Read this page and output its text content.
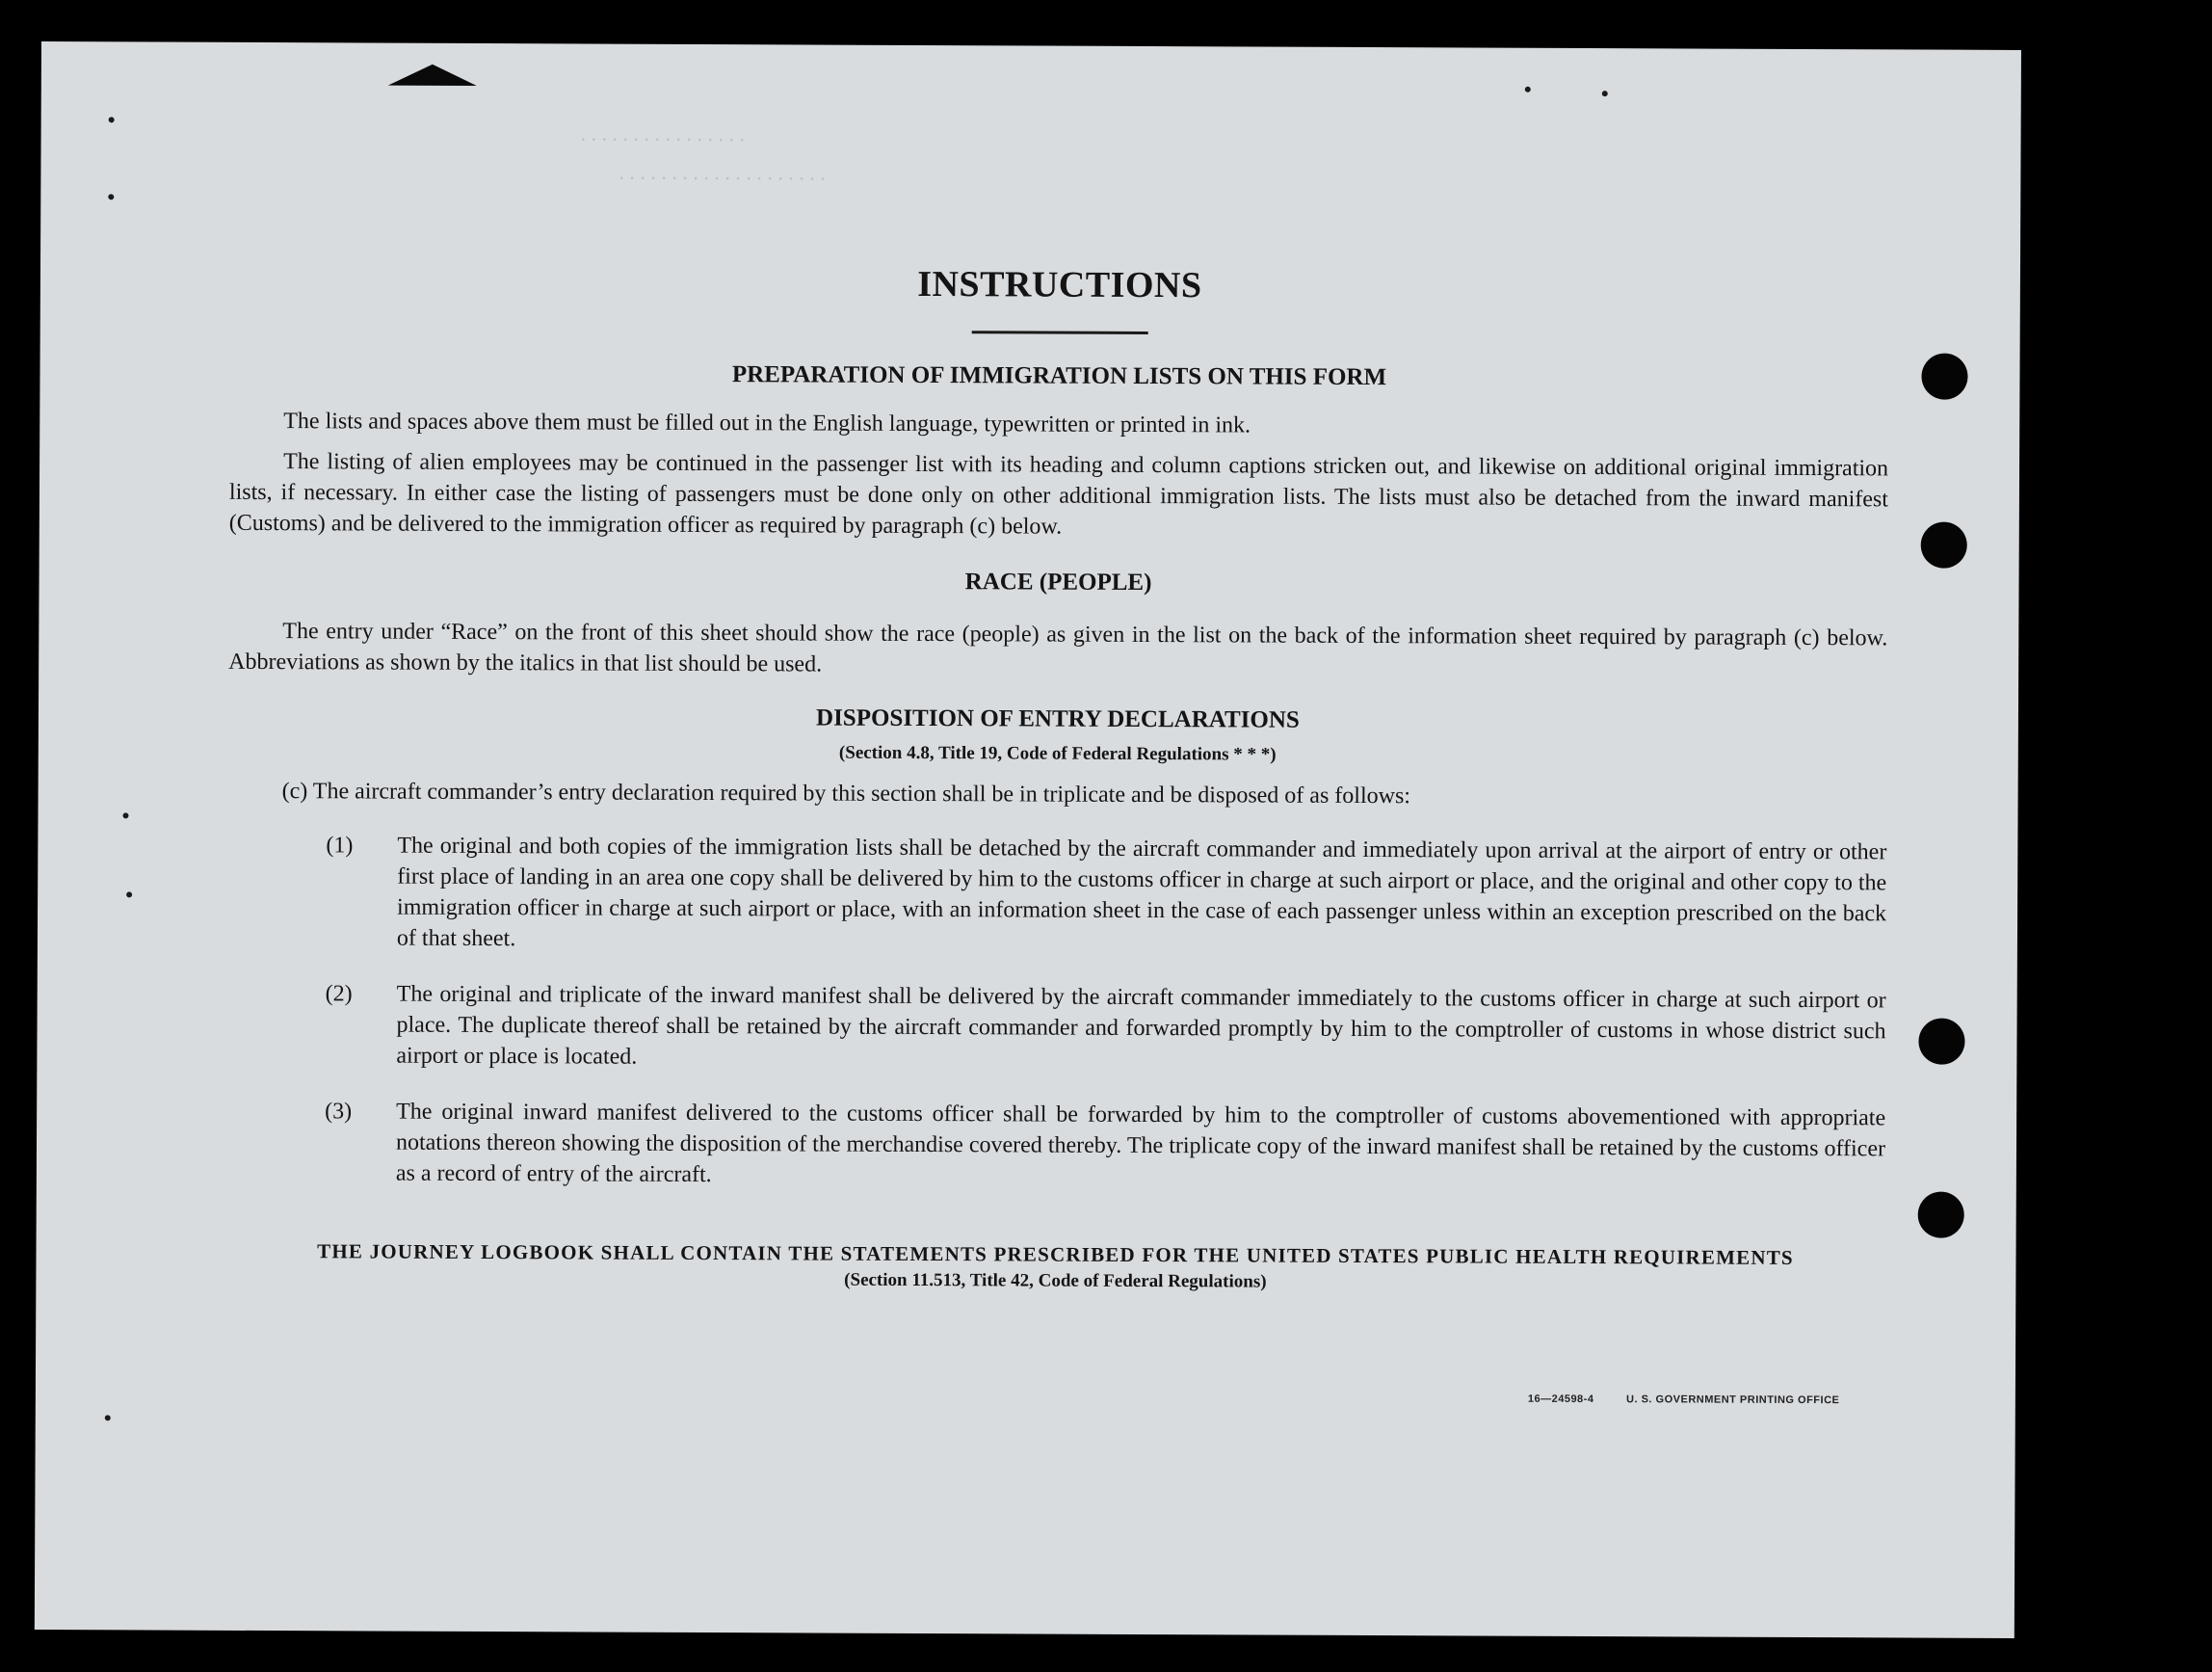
. . . . . . . . . . . . . . . .
. . . . . . . . . . . . . . . . . . . .
INSTRUCTIONS
PREPARATION OF IMMIGRATION LISTS ON THIS FORM

The lists and spaces above them must be filled out in the English language, typewritten or printed in ink.

The listing of alien employees may be continued in the passenger list with its heading and column captions stricken out, and likewise on additional original immigration lists, if necessary. In either case the listing of passengers must be done only on other additional immigration lists. The lists must also be detached from the inward manifest (Customs) and be delivered to the immigration officer as required by paragraph (c) below.

RACE (PEOPLE)

The entry under “Race” on the front of this sheet should show the race (people) as given in the list on the back of the information sheet required by paragraph (c) below. Abbreviations as shown by the italics in that list should be used.

DISPOSITION OF ENTRY DECLARATIONS
(Section 4.8, Title 19, Code of Federal Regulations * * *)

(c) The aircraft commander’s entry declaration required by this section shall be in triplicate and be disposed of as follows:

(1) The original and both copies of the immigration lists shall be detached by the aircraft commander and immediately upon arrival at the airport of entry or other first place of landing in an area one copy shall be delivered by him to the customs officer in charge at such airport or place, and the original and other copy to the immigration officer in charge at such airport or place, with an information sheet in the case of each passenger unless within an exception prescribed on the back of that sheet.
(2) The original and triplicate of the inward manifest shall be delivered by the aircraft commander immediately to the customs officer in charge at such airport or place. The duplicate thereof shall be retained by the aircraft commander and forwarded promptly by him to the comptroller of customs in whose district such airport or place is located.
(3) The original inward manifest delivered to the customs officer shall be forwarded by him to the comptroller of customs abovementioned with appropriate notations thereon showing the disposition of the merchandise covered thereby. The triplicate copy of the inward manifest shall be retained by the customs officer as a record of entry of the aircraft.
THE JOURNEY LOGBOOK SHALL CONTAIN THE STATEMENTS PRESCRIBED FOR THE UNITED STATES PUBLIC HEALTH REQUIREMENTS
(Section 11.513, Title 42, Code of Federal Regulations)
16—24598-4	U. S. GOVERNMENT PRINTING OFFICE
